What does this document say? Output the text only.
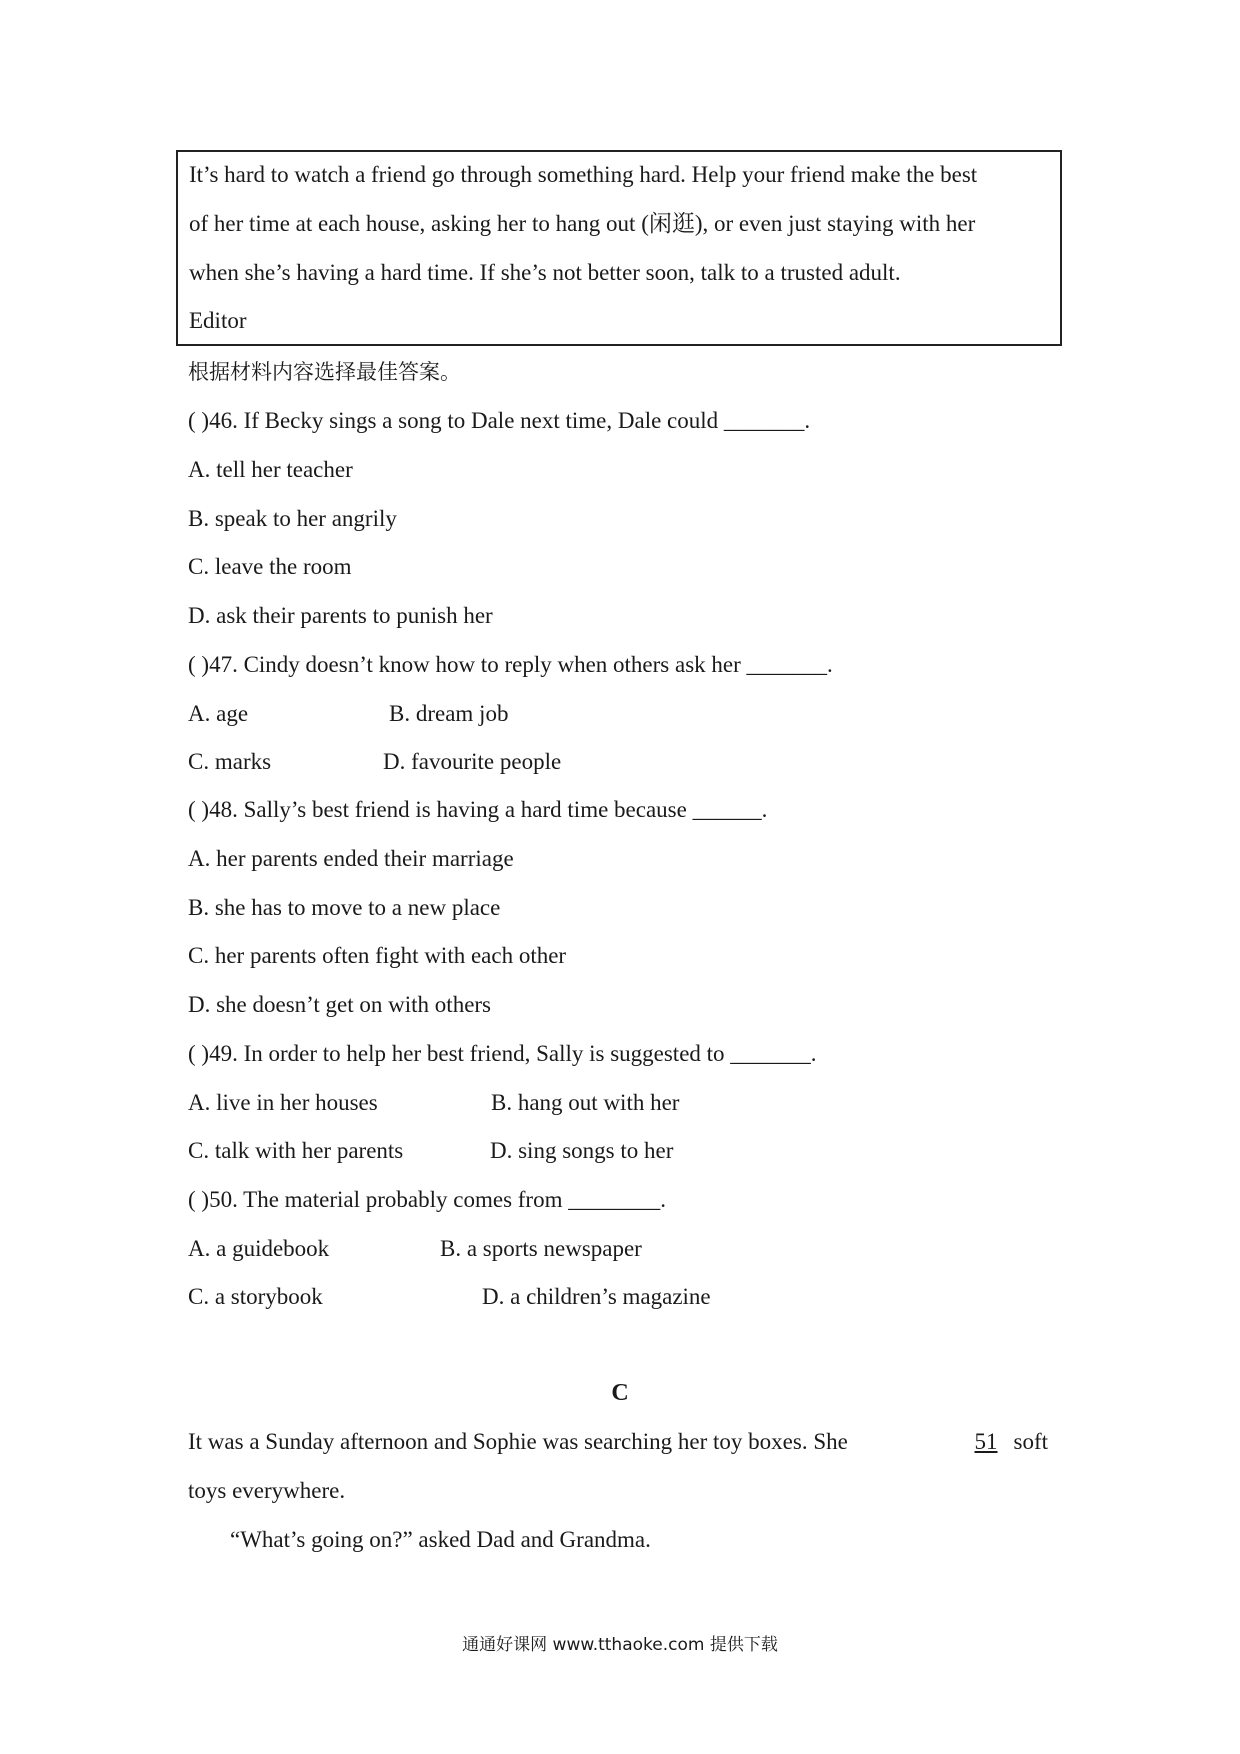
It’s hard to watch a friend go through something hard. Help your friend make the best
of her time at each house, asking her to hang out (闲逛), or even just staying with her
when she’s having a hard time. If she’s not better soon, talk to a trusted adult.
Editor
根据材料内容选择最佳答案。
( )46. If Becky sings a song to Dale next time, Dale could _______.
A. tell her teacher
B. speak to her angrily
C. leave the room
D. ask their parents to punish her
( )47. Cindy doesn’t know how to reply when others ask her _______.
A. age	B. dream job
C. marks	D. favourite people
( )48. Sally’s best friend is having a hard time because ______.
A. her parents ended their marriage
B. she has to move to a new place
C. her parents often fight with each other
D. she doesn’t get on with others
( )49. In order to help her best friend, Sally is suggested to _______.
A. live in her houses	B. hang out with her
C. talk with her parents	D. sing songs to her
( )50. The material probably comes from ________.
A. a guidebook	B. a sports newspaper
C. a storybook	D. a children’s magazine
C
It was a Sunday afternoon and Sophie was searching her toy boxes. She	51 soft
toys everywhere.
“What’s going on?” asked Dad and Grandma.
通通好课网 www.tthaoke.com 提供下载
